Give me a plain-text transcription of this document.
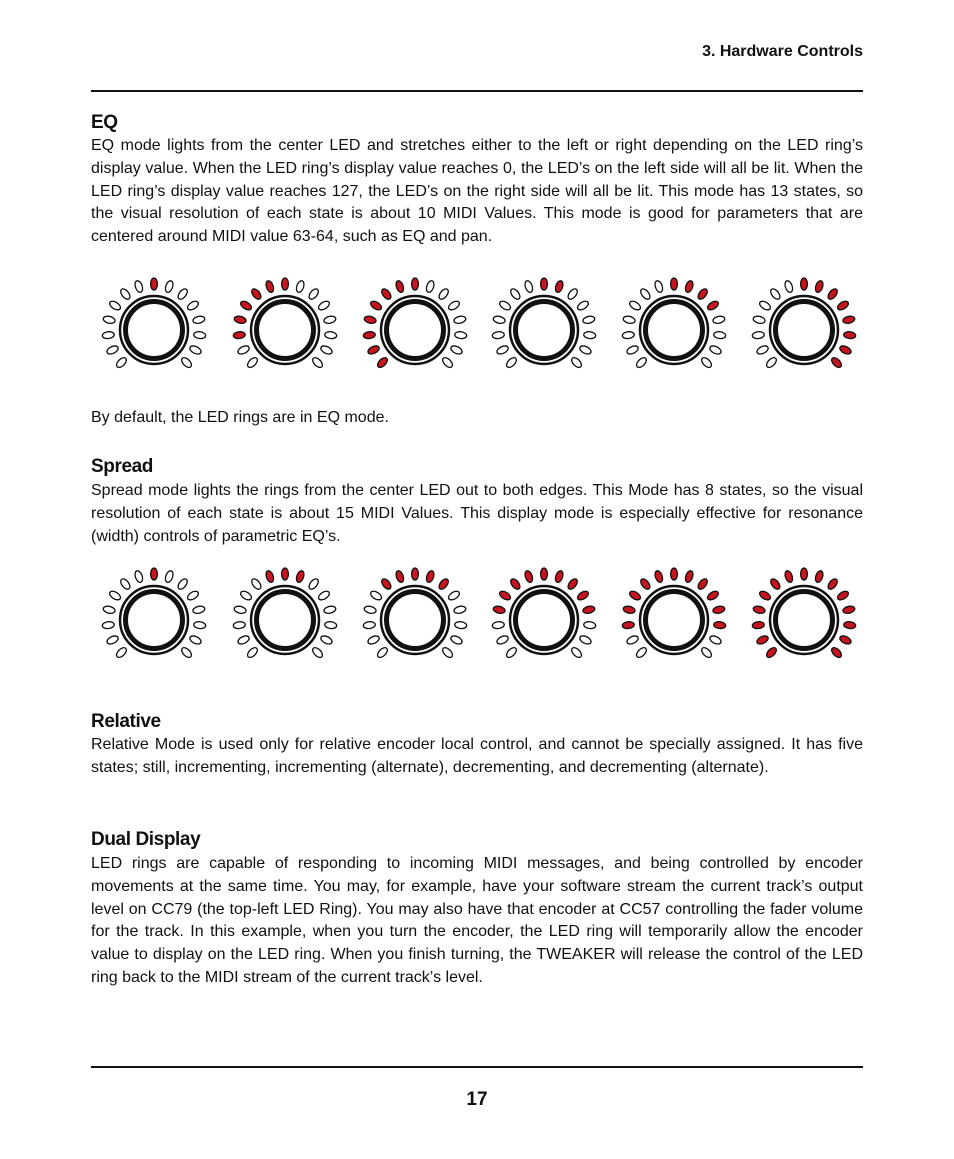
3. Hardware Controls
EQ
EQ mode lights from the center LED and stretches either to the left or right depending on the LED ring’s display value. When the LED ring’s display value reaches 0, the LED’s on the left side will all be lit. When the LED ring’s display value reaches 127, the LED’s on the right side will all be lit. This mode has 13 states, so the visual resolution of each state is about 10 MIDI Values. This mode is good for parameters that are centered around MIDI value 63-64, such as EQ and pan.
By default, the LED rings are in EQ mode.
Spread
Spread mode lights the rings from the center LED out to both edges. This Mode has 8 states, so the visual resolution of each state is about 15 MIDI Values. This display mode is especially effective for resonance (width) controls of parametric EQ’s.
Relative
Relative Mode is used only for relative encoder local control, and cannot be specially assigned. It has five states; still, incrementing, incrementing (alternate), decrementing, and decrementing (alternate).
Dual Display
LED rings are capable of responding to incoming MIDI messages, and being controlled by encoder movements at the same time. You may, for example, have your software stream the current track’s output level on CC79 (the top-left LED Ring). You may also have that encoder at CC57 controlling the fader volume for the track. In this example, when you turn the encoder, the LED ring will temporarily allow the encoder value to display on the LED ring. When you finish turning, the TWEAKER will release the control of the LED ring back to the MIDI stream of the current track’s level.
17
